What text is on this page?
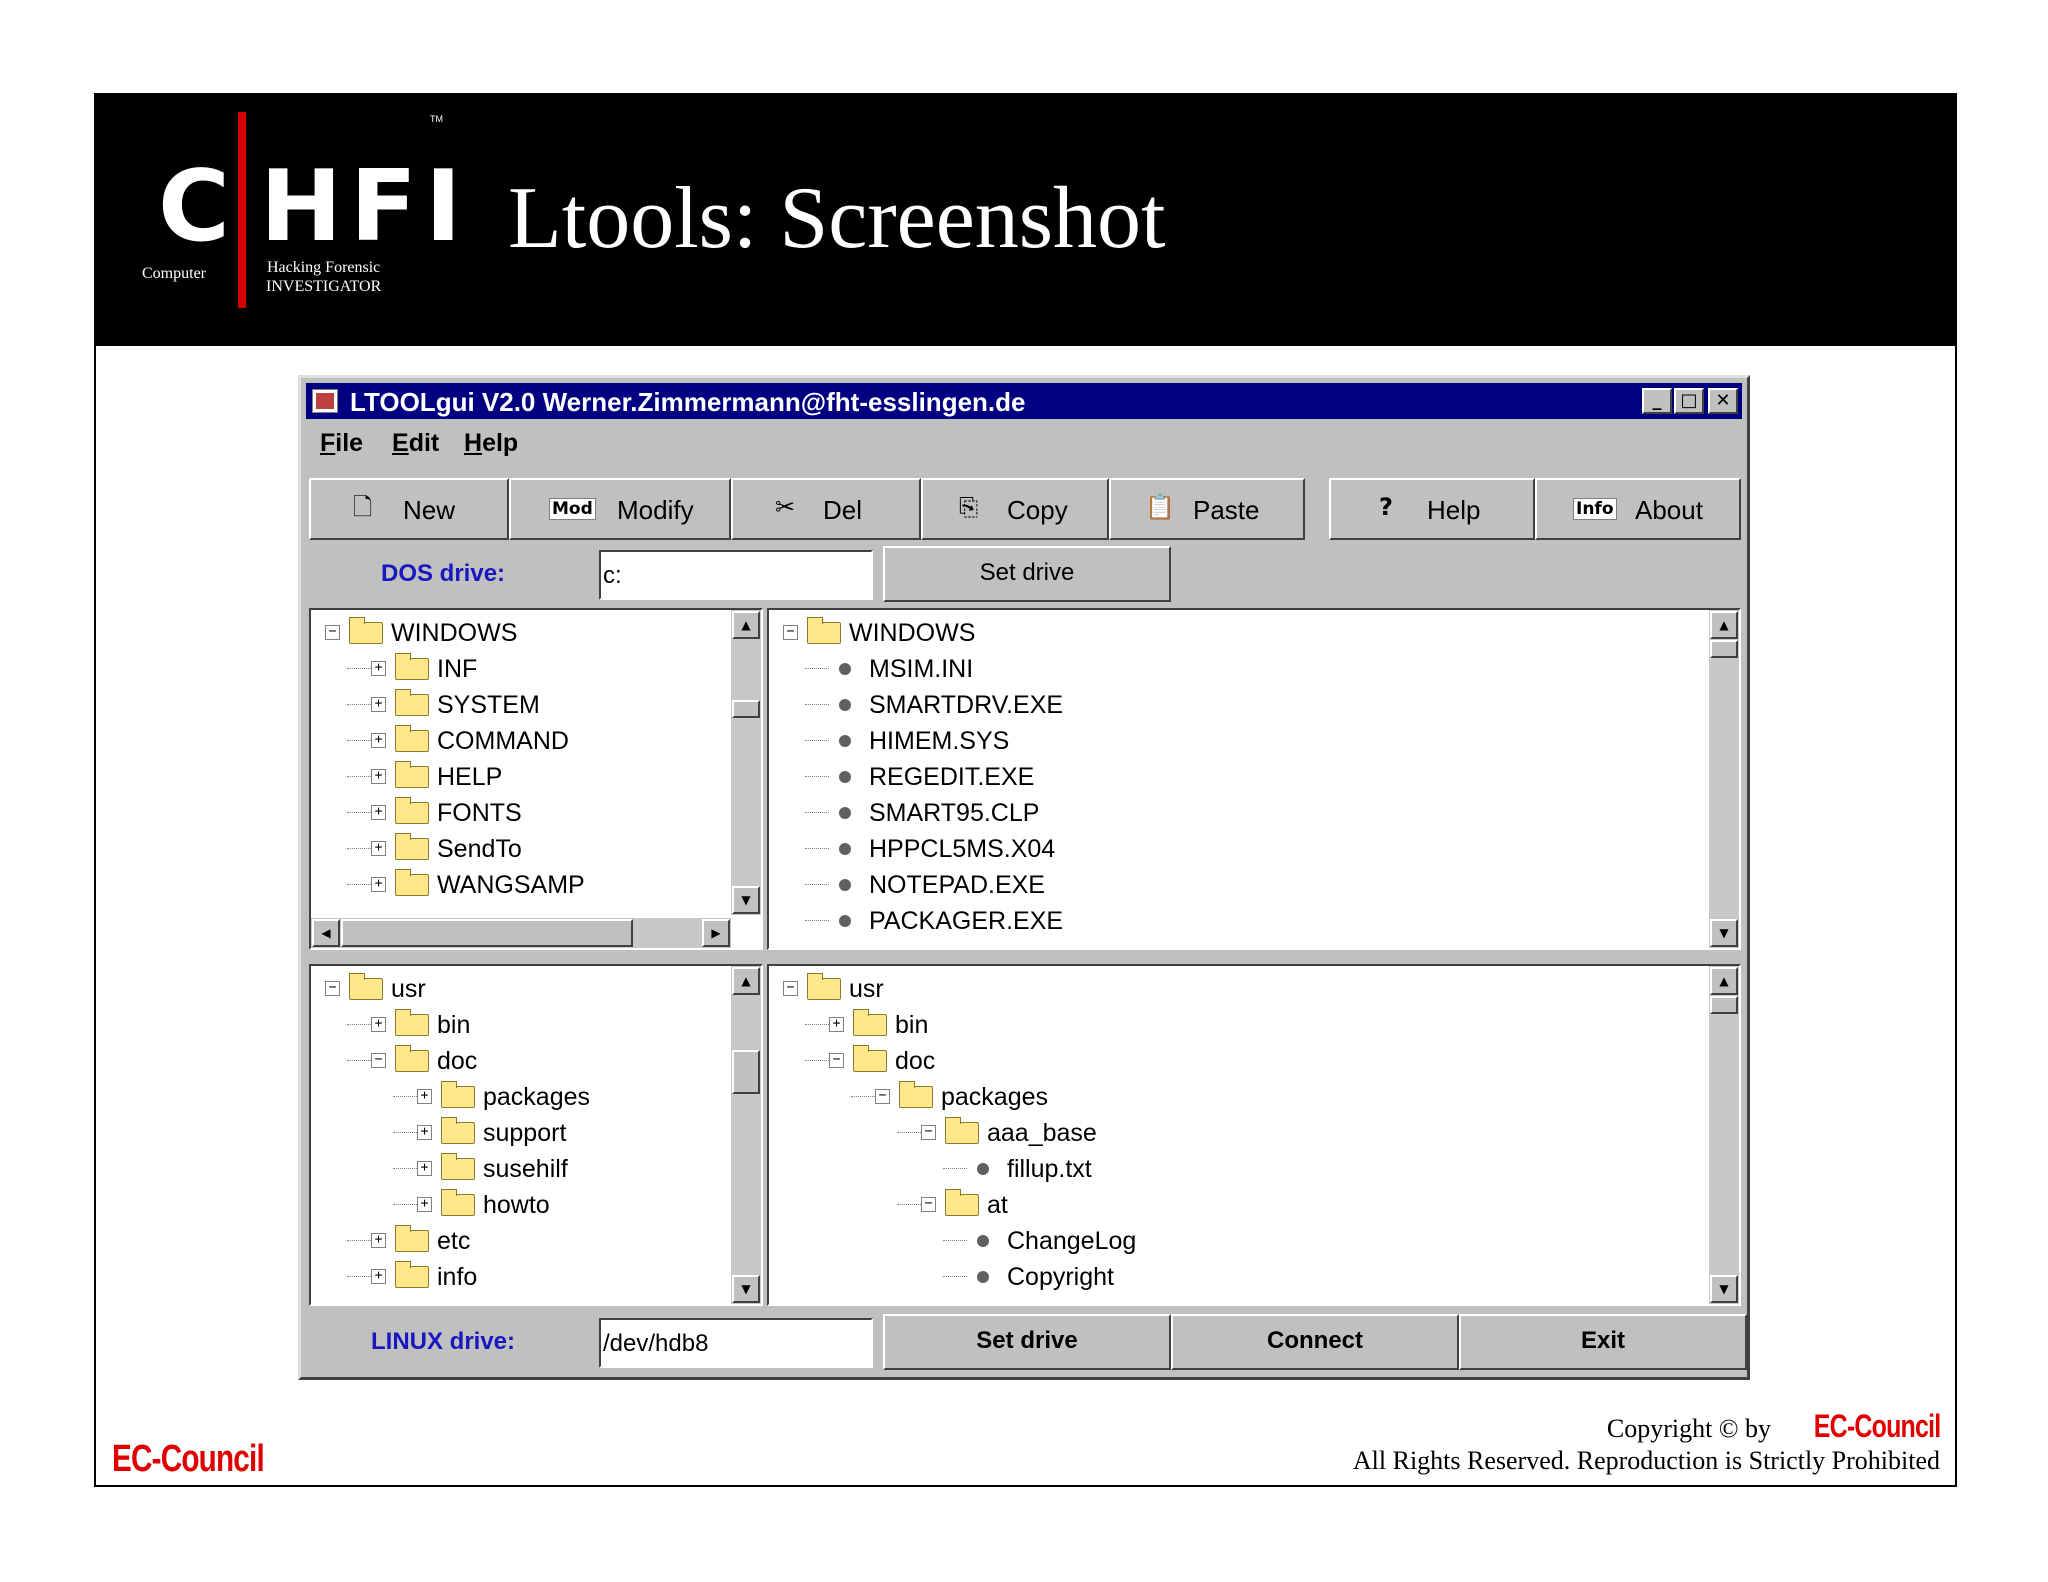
C HFI
TM
Computer	Hacking Forensic
INVESTIGATOR
Ltools: Screenshot
LTOOLgui V2.0 Werner.Zimmermann@fht-esslingen.de	_	□ ✕
File Edit Help
🗋 New	Mod Modify	✂ Del	⎘ Copy	📋 Paste	? Help	Info About
DOS drive:	c:	Set drive
▲
▼
◀	▶
− WINDOWS
+ INF
+ SYSTEM
+ COMMAND
+ HELP
+ FONTS
+ SendTo
+ WANGSAMP
▲
▼
− WINDOWS
MSIM.INI
SMARTDRV.EXE
HIMEM.SYS
REGEDIT.EXE
SMART95.CLP
HPPCL5MS.X04
NOTEPAD.EXE
PACKAGER.EXE
▲
▼
− usr
+ bin
− doc
+ packages
+ support
+ susehilf
+ howto
+ etc
+ info
▲
▼
− usr
+ bin
− doc
− packages
− aaa_base
fillup.txt
− at
ChangeLog
Copyright
LINUX drive:	/dev/hdb8	Set drive	Connect	Exit
EC-Council
Copyright © by EC-Council
All Rights Reserved. Reproduction is Strictly Prohibited
